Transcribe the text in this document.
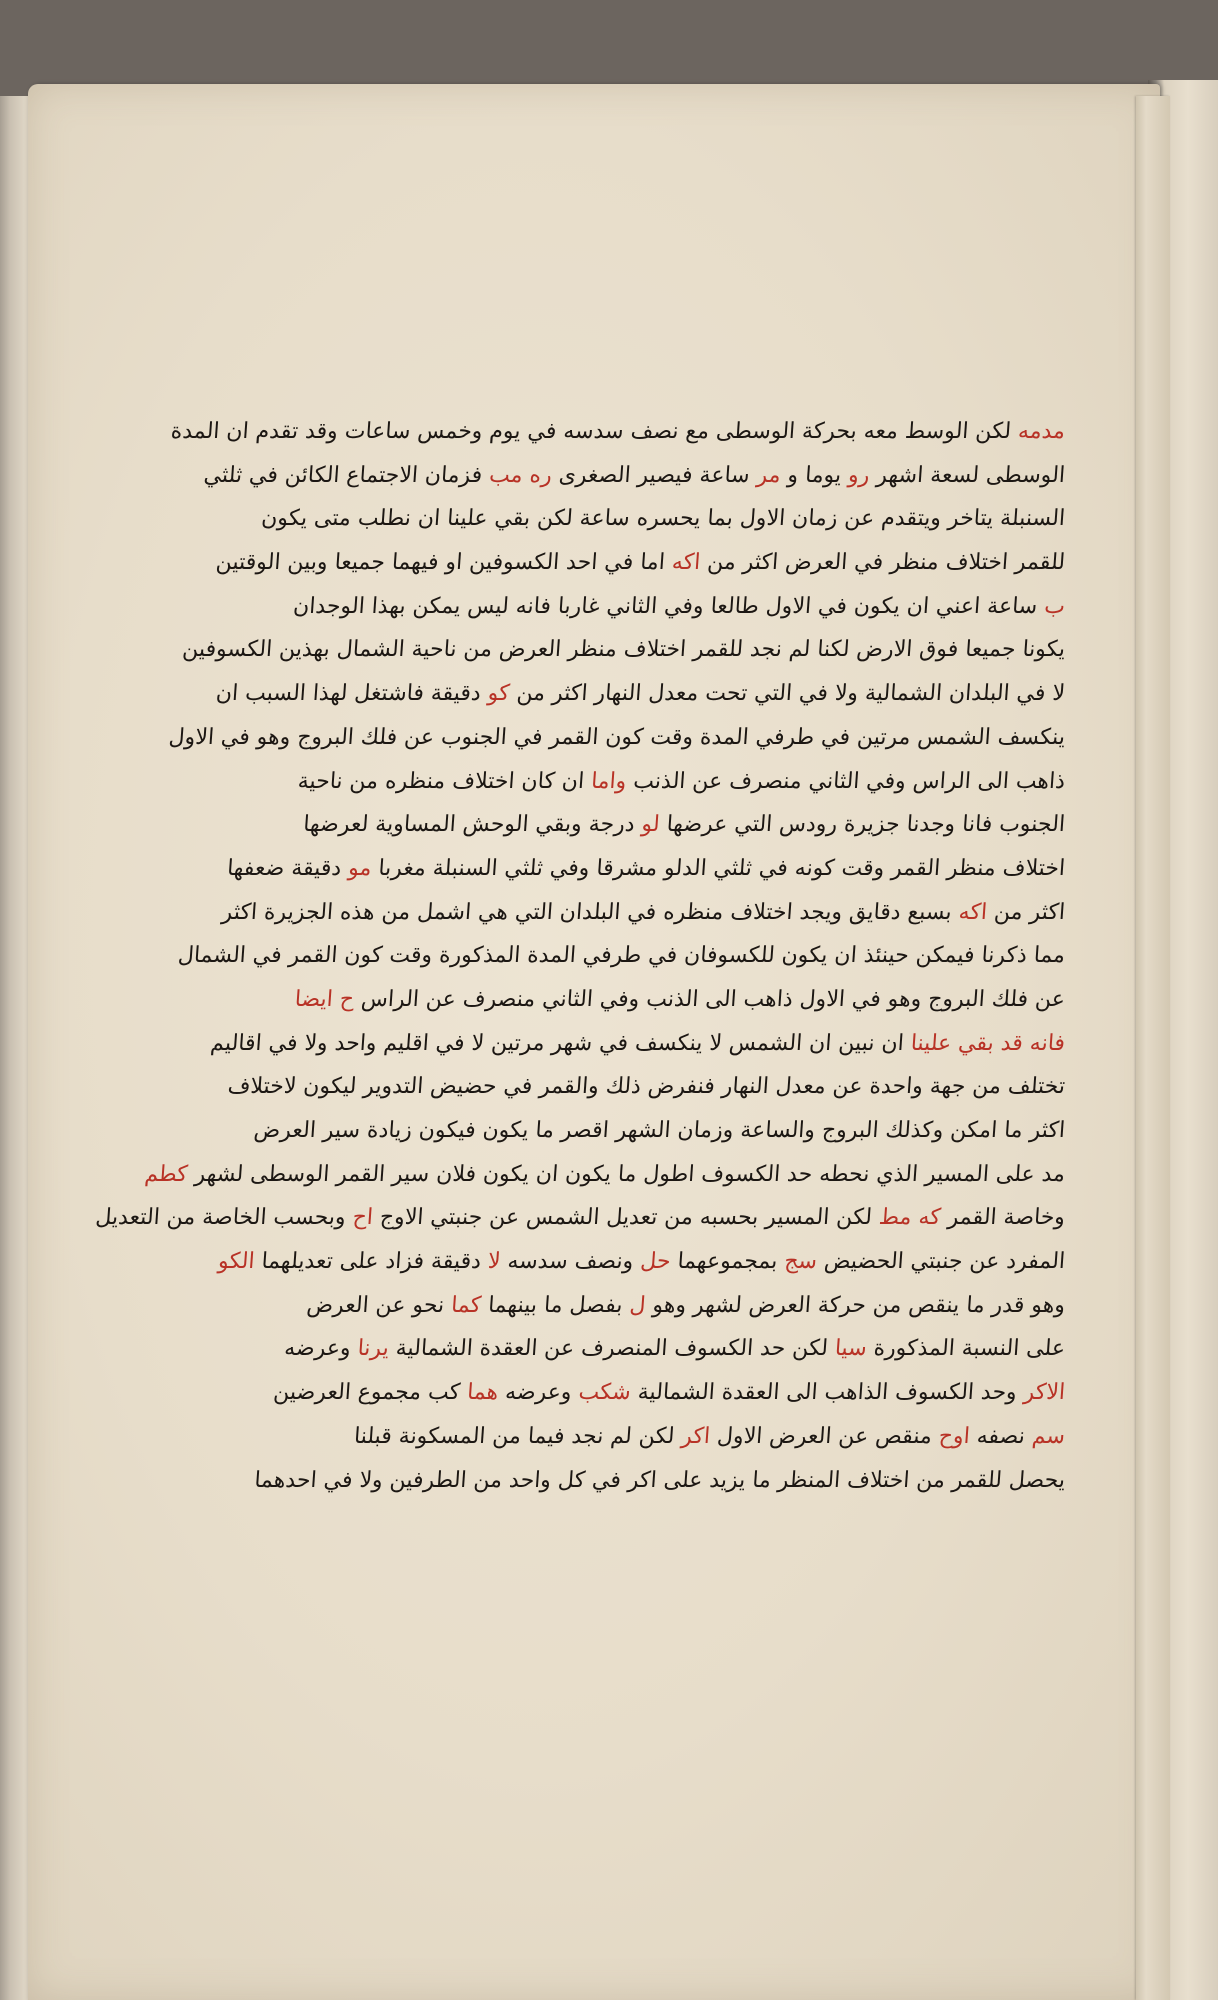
مدمه لكن الوسط معه بحركة الوسطى مع نصف سدسه في يوم وخمس ساعات وقد تقدم ان المدة
الوسطى لسعة اشهر رو يوما و مر ساعة فيصير الصغرى ره مب فزمان الاجتماع الكائن في ثلثي
السنبلة يتاخر ويتقدم عن زمان الاول بما يحسره ساعة لكن بقي علينا ان نطلب متى يكون
للقمر اختلاف منظر في العرض اكثر من اكه اما في احد الكسوفين او فيهما جميعا وبين الوقتين
ب ساعة اعني ان يكون في الاول طالعا وفي الثاني غاربا فانه ليس يمكن بهذا الوجدان
يكونا جميعا فوق الارض لكنا لم نجد للقمر اختلاف منظر العرض من ناحية الشمال بهذين الكسوفين
لا في البلدان الشمالية ولا في التي تحت معدل النهار اكثر من كو دقيقة فاشتغل لهذا السبب ان
ينكسف الشمس مرتين في طرفي المدة وقت كون القمر في الجنوب عن فلك البروج وهو في الاول
ذاهب الى الراس وفي الثاني منصرف عن الذنب واما ان كان اختلاف منظره من ناحية
الجنوب فانا وجدنا جزيرة رودس التي عرضها لو درجة وبقي الوحش المساوية لعرضها
اختلاف منظر القمر وقت كونه في ثلثي الدلو مشرقا وفي ثلثي السنبلة مغربا مو دقيقة ضعفها
اكثر من اكه بسبع دقايق ويجد اختلاف منظره في البلدان التي هي اشمل من هذه الجزيرة اكثر
مما ذكرنا فيمكن حينئذ ان يكون للكسوفان في طرفي المدة المذكورة وقت كون القمر في الشمال
عن فلك البروج وهو في الاول ذاهب الى الذنب وفي الثاني منصرف عن الراس ح ايضا
فانه قد بقي علينا ان نبين ان الشمس لا ينكسف في شهر مرتين لا في اقليم واحد ولا في اقاليم
تختلف من جهة واحدة عن معدل النهار فنفرض ذلك والقمر في حضيض التدوير ليكون لاختلاف
اكثر ما امكن وكذلك البروج والساعة وزمان الشهر اقصر ما يكون فيكون زيادة سير العرض
مد على المسير الذي نحطه حد الكسوف اطول ما يكون ان يكون فلان سير القمر الوسطى لشهر كطم
وخاصة القمر كه مط لكن المسير بحسبه من تعديل الشمس عن جنبتي الاوج اح وبحسب الخاصة من التعديل
المفرد عن جنبتي الحضيض سج بمجموعهما حل ونصف سدسه لا دقيقة فزاد على تعديلهما الكو
وهو قدر ما ينقص من حركة العرض لشهر وهو ل بفصل ما بينهما كما نحو عن العرض
على النسبة المذكورة سيا لكن حد الكسوف المنصرف عن العقدة الشمالية يرنا وعرضه
الاكر وحد الكسوف الذاهب الى العقدة الشمالية شكب وعرضه هما كب مجموع العرضين
سم نصفه اوح منقص عن العرض الاول اكر لكن لم نجد فيما من المسكونة قبلنا
يحصل للقمر من اختلاف المنظر ما يزيد على اكر في كل واحد من الطرفين ولا في احدهما
